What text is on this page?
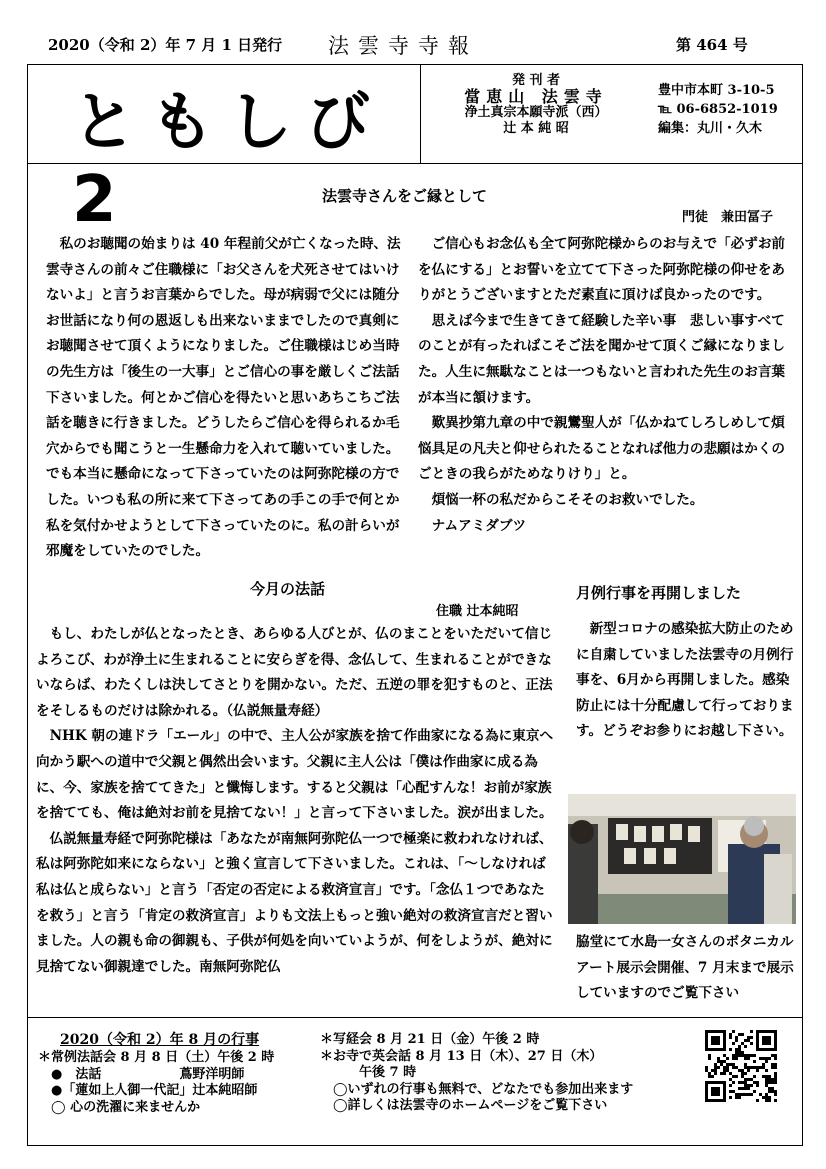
2020（令和 2）年 7 月 1 日発行 法雲寺寺報	第 464 号
ともしび 2
発 刊 者
當恵山 法雲寺
浄土真宗本願寺派（西）
辻 本 純 昭
豊中市本町 3-10-5
℡ 06-6852-1019
編集：丸川・久木
法雲寺さんをご縁として
門徒　兼田冨子

私のお聴聞の始まりは 40 年程前父が亡くなった時、法雲寺さんの前々ご住職様に「お父さんを犬死させてはいけないよ」と言うお言葉からでした。母が病弱で父には随分お世話になり何の恩返しも出来ないままでしたので真剣にお聴聞させて頂くようになりました。ご住職様はじめ当時の先生方は「後生の一大事」とご信心の事を厳しくご法話下さいました。何とかご信心を得たいと思いあちこちご法話を聴きに行きました。どうしたらご信心を得られるか毛穴からでも聞こうと一生懸命力を入れて聴いていました。でも本当に懸命になって下さっていたのは阿弥陀様の方でした。いつも私の所に来て下さってあの手この手で何とか私を気付かせようとして下さっていたのに。私の計らいが邪魔をしていたのでした。

ご信心もお念仏も全て阿弥陀様からのお与えで「必ずお前を仏にする」とお誓いを立てて下さった阿弥陀様の仰せをありがとうございますとただ素直に頂けば良かったのです。

思えば今まで生きてきて経験した辛い事　悲しい事すべてのことが有ったればこそご法を聞かせて頂くご縁になりました。人生に無駄なことは一つもないと言われた先生のお言葉が本当に頷けます。

歎異抄第九章の中で親鸞聖人が「仏かねてしろしめして煩悩具足の凡夫と仰せられたることなれば他力の悲願はかくのごときの我らがためなりけり」と。

煩悩一杯の私だからこそそのお救いでした。

ナムアミダブツ

今月の法話
住職 辻本純昭

もし、わたしが仏となったとき、あらゆる人びとが、仏のまことをいただいて信じよろこび、わが浄土に生まれることに安らぎを得、念仏して、生まれることができないならば、わたくしは決してさとりを開かない。ただ、五逆の罪を犯すものと、正法をそしるものだけは除かれる。（仏説無量寿経）

NHK 朝の連ドラ「エール」の中で、主人公が家族を捨て作曲家になる為に東京へ向かう駅への道中で父親と偶然出会います。父親に主人公は「僕は作曲家に成る為に、今、家族を捨ててきた」と懺悔します。すると父親は「心配すんな！お前が家族を捨てても、俺は絶対お前を見捨てない！」と言って下さいました。涙が出ました。

仏説無量寿経で阿弥陀様は「あなたが南無阿弥陀仏一つで極楽に救われなければ、私は阿弥陀如来にならない」と強く宣言して下さいました。これは、「～しなければ私は仏と成らない」と言う「否定の否定による救済宣言」です。「念仏１つであなたを救う」と言う「肯定の救済宣言」よりも文法上もっと強い絶対の救済宣言だと習いました。人の親も命の御親も、子供が何処を向いていようが、何をしようが、絶対に見捨てない御親達でした。南無阿弥陀仏

月例行事を再開しました

新型コロナの感染拡大防止のために自粛していました法雲寺の月例行事を、6月から再開しました。感染防止には十分配慮して行っております。どうぞお参りにお越し下さい。

脇堂にて水島一女さんのボタニカルアート展示会開催、7 月末まで展示していますのでご覧下さい
2020（令和 2）年 8 月の行事
＊常例法話会 8 月 8 日（土）午後 2 時
　●　法話　　　　　　蔦野洋明師
　●「蓮如上人御一代記」辻本純昭師
　◯ 心の洗濯に来ませんか
＊写経会 8 月 21 日（金）午後 2 時
＊お寺で英会話 8 月 13 日（木）、27 日（木）
　　　午後 7 時
　◯いずれの行事も無料で、どなたでも参加出来ます
　◯詳しくは法雲寺のホームページをご覧下さい
